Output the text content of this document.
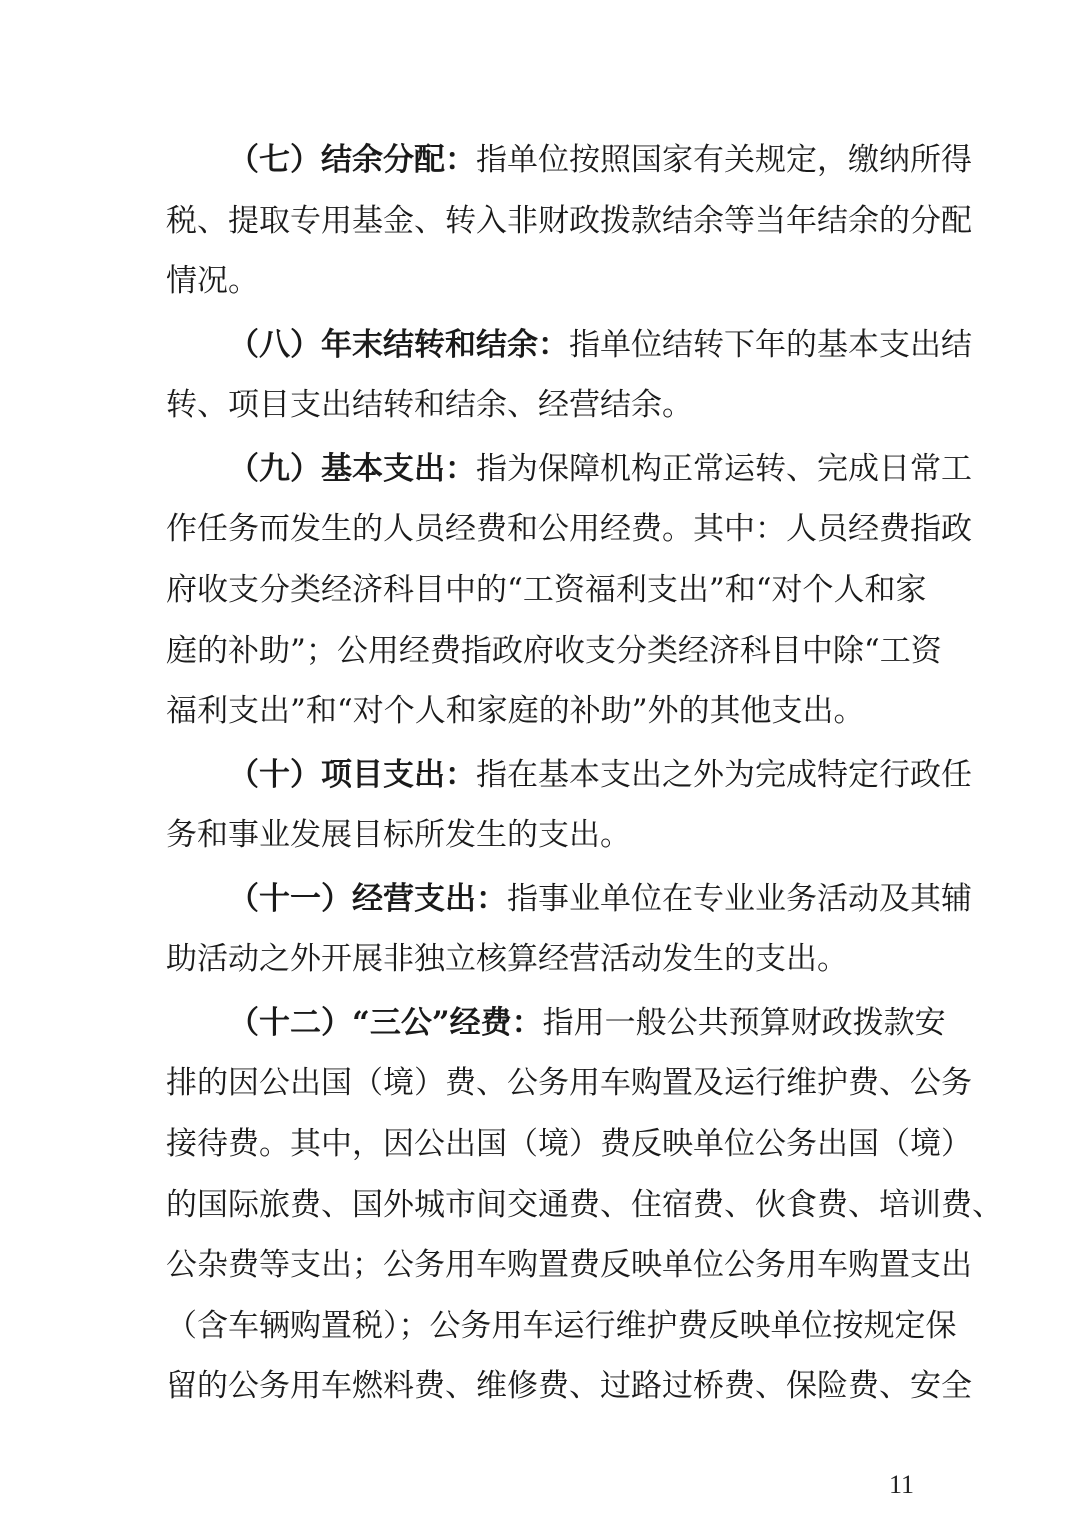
（七）结余分配：指单位按照国家有关规定，缴纳所得
税、提取专用基金、转入非财政拨款结余等当年结余的分配
情况。
（八）年末结转和结余：指单位结转下年的基本支出结
转、项目支出结转和结余、经营结余。
（九）基本支出：指为保障机构正常运转、完成日常工
作任务而发生的人员经费和公用经费。其中：人员经费指政
府收支分类经济科目中的“工资福利支出”和“对个人和家
庭的补助”；公用经费指政府收支分类经济科目中除“工资
福利支出”和“对个人和家庭的补助”外的其他支出。
（十）项目支出：指在基本支出之外为完成特定行政任
务和事业发展目标所发生的支出。
（十一）经营支出：指事业单位在专业业务活动及其辅
助活动之外开展非独立核算经营活动发生的支出。
（十二）“三公”经费：指用一般公共预算财政拨款安
排的因公出国（境）费、公务用车购置及运行维护费、公务
接待费。其中，因公出国（境）费反映单位公务出国（境）
的国际旅费、国外城市间交通费、住宿费、伙食费、培训费、
公杂费等支出；公务用车购置费反映单位公务用车购置支出
（含车辆购置税）；公务用车运行维护费反映单位按规定保
留的公务用车燃料费、维修费、过路过桥费、保险费、安全
11
